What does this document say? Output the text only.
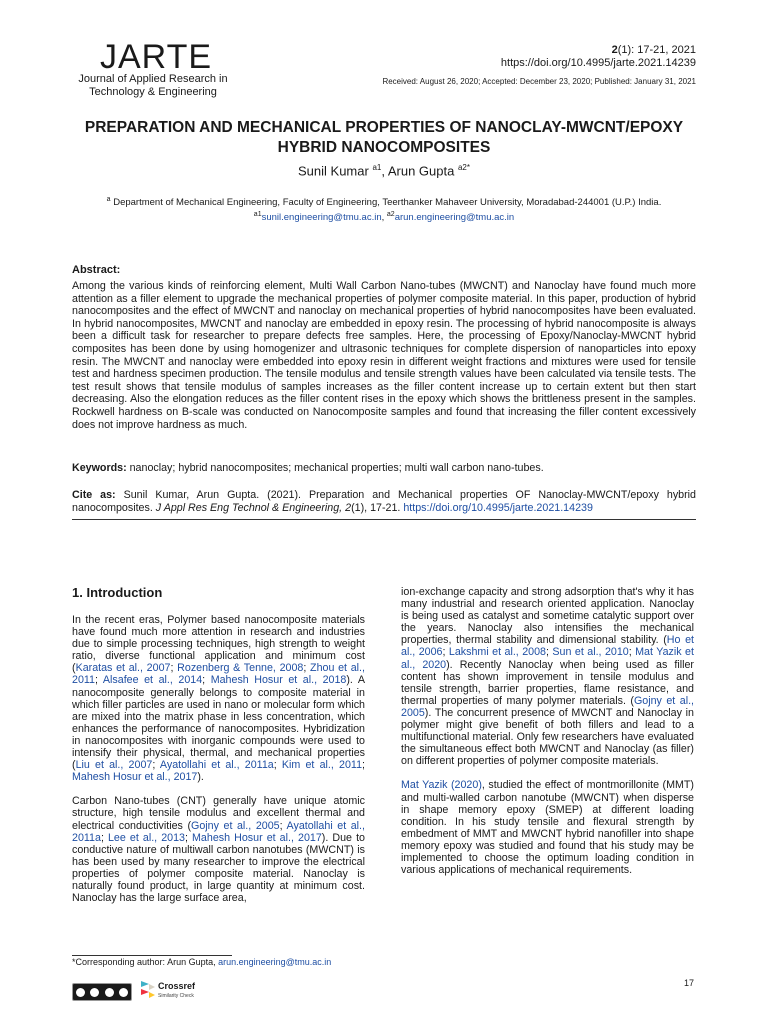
JARTE
Journal of Applied Research in Technology & Engineering
2(1): 17-21, 2021
https://doi.org/10.4995/jarte.2021.14239
Received: August 26, 2020; Accepted: December 23, 2020; Published: January 31, 2021
PREPARATION AND MECHANICAL PROPERTIES OF NANOCLAY-MWCNT/EPOXY HYBRID NANOCOMPOSITES
Sunil Kumar $^{a1}$, Arun Gupta $^{a2*}$
$^a$ Department of Mechanical Engineering, Faculty of Engineering, Teerthanker Mahaveer University, Moradabad-244001 (U.P.) India.
$^{a1}$sunil.engineering@tmu.ac.in, $^{a2}$arun.engineering@tmu.ac.in
Abstract:

Among the various kinds of reinforcing element, Multi Wall Carbon Nano-tubes (MWCNT) and Nanoclay have found much more attention as a filler element to upgrade the mechanical properties of polymer composite material. In this paper, production of hybrid nanocomposites and the effect of MWCNT and nanoclay on mechanical properties of hybrid nanocomposites have been evaluated. In hybrid nanocomposites, MWCNT and nanoclay are embedded in epoxy resin. The processing of hybrid nanocomposite is always been a difficult task for researcher to prepare defects free samples. Here, the processing of Epoxy/Nanoclay-MWCNT hybrid composites has been done by using homogenizer and ultrasonic techniques for complete dispersion of nanoparticles into epoxy resin. The MWCNT and nanoclay were embedded into epoxy resin in different weight fractions and mixtures were used for tensile test and hardness specimen production. The tensile modulus and tensile strength values have been calculated via tensile tests. The test result shows that tensile modulus of samples increases as the filler content increase up to certain extent but then start decreasing. Also the elongation reduces as the filler content rises in the epoxy which shows the brittleness present in the samples. Rockwell hardness on B-scale was conducted on Nanocomposite samples and found that increasing the filler content excessively does not improve hardness as much.

Keywords: nanoclay; hybrid nanocomposites; mechanical properties; multi wall carbon nano-tubes.

Cite as: Sunil Kumar, Arun Gupta. (2021). Preparation and Mechanical properties OF Nanoclay-MWCNT/epoxy hybrid nanocomposites. J Appl Res Eng Technol & Engineering, 2(1), 17-21. https://doi.org/10.4995/jarte.2021.14239

1. Introduction

In the recent eras, Polymer based nanocomposite materials have found much more attention in research and industries due to simple processing techniques, high strength to weight ratio, diverse functional application and minimum cost (Karatas et al., 2007; Rozenberg & Tenne, 2008; Zhou et al., 2011; Alsafee et al., 2014; Mahesh Hosur et al., 2018). A nanocomposite generally belongs to composite material in which filler particles are used in nano or molecular form which are mixed into the matrix phase in less concentration, which enhances the performance of nanocomposites. Hybridization in nanocomposites with inorganic compounds were used to intensify their physical, thermal, and mechanical properties (Liu et al., 2007; Ayatollahi et al., 2011a; Kim et al., 2011; Mahesh Hosur et al., 2017).

Carbon Nano-tubes (CNT) generally have unique atomic structure, high tensile modulus and excellent thermal and electrical conductivities (Gojny et al., 2005; Ayatollahi et al., 2011a; Lee et al., 2013; Mahesh Hosur et al., 2017). Due to conductive nature of multiwall carbon nanotubes (MWCNT) is has been used by many researcher to improve the electrical properties of polymer composite material. Nanoclay is naturally found product, in large quantity at minimum cost. Nanoclay has the large surface area,

ion-exchange capacity and strong adsorption that's why it has many industrial and research oriented application. Nanoclay is being used as catalyst and sometime catalytic support over the years. Nanoclay also intensifies the mechanical properties, thermal stability and dimensional stability. (Ho et al., 2006; Lakshmi et al., 2008; Sun et al., 2010; Mat Yazik et al., 2020). Recently Nanoclay when being used as filler content has shown improvement in tensile modulus and tensile strength, barrier properties, flame resistance, and thermal properties of many polymer materials. (Gojny et al., 2005). The concurrent presence of MWCNT and Nanoclay in polymer might give benefit of both fillers and lead to a multifunctional material. Only few researchers have evaluated the simultaneous effect both MWCNT and Nanoclay (as filler) on different properties of polymer composite materials.

Mat Yazik (2020), studied the effect of montmorillonite (MMT) and multi-walled carbon nanotube (MWCNT) when disperse in shape memory epoxy (SMEP) at different loading condition. In his study tensile and flexural strength by embedment of MMT and MWCNT hybrid nanofiller into shape memory epoxy was studied and found that his study may be implemented to choose the optimum loading condition in various applications of mechanical requirements.

*Corresponding author: Arun Gupta, arun.engineering@tmu.ac.in
Crossref
Similarity Check
17
